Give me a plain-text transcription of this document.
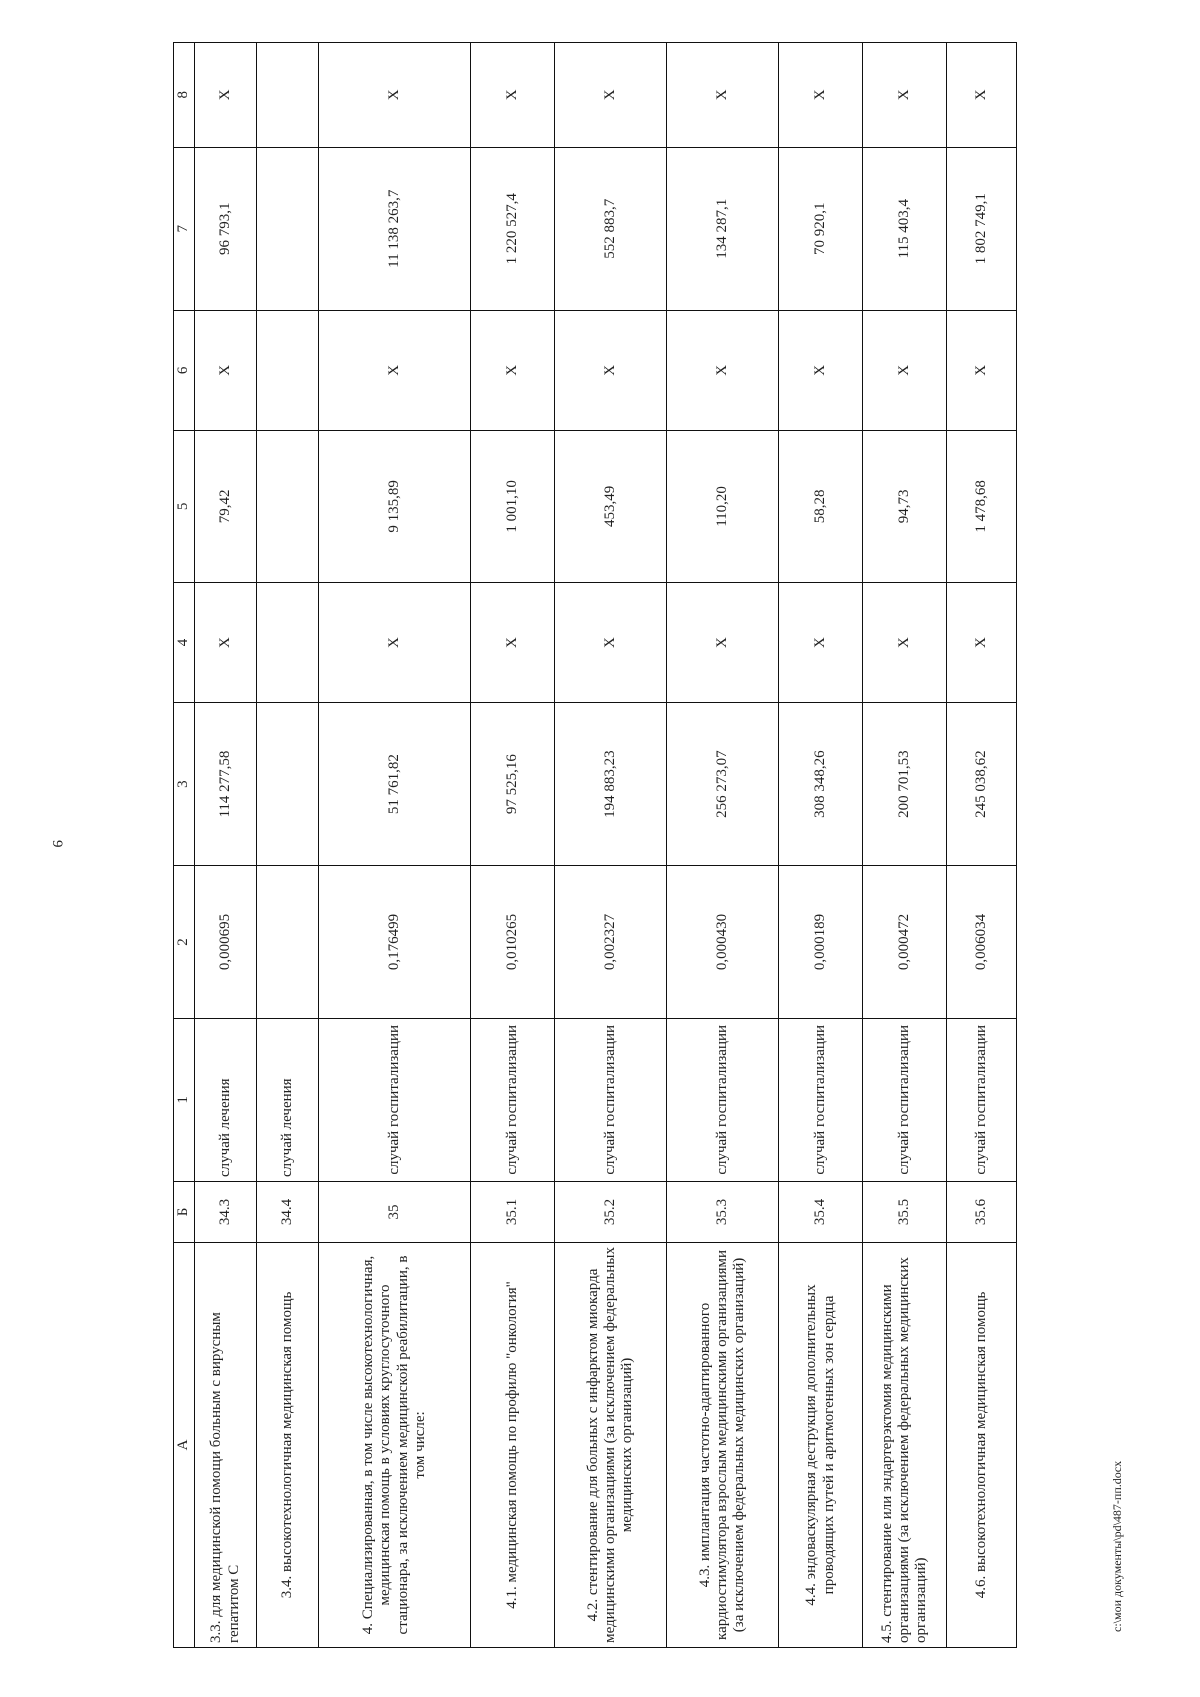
9
А	Б	1	2	3	4	5	6	7	8
3.3. для медицинской помощи больным с вирусным гепатитом С	34.3	случай лечения	0,000695	114 277,58	X	79,42	X	96 793,1	X
3.4. высокотехнологичная медицинская помощь	34.4	случай лечения							
4. Специализированная, в том числе высокотехнологичная, медицинская помощь в условиях круглосуточного стационара, за исключением медицинской реабилитации, в том числе:	35	случай госпитализации	0,176499	51 761,82	X	9 135,89	X	11 138 263,7	X
4.1. медицинская помощь по профилю "онкология"	35.1	случай госпитализации	0,010265	97 525,16	X	1 001,10	X	1 220 527,4	X
4.2. стентирование для больных с инфарктом миокарда медицинскими организациями (за исключением федеральных медицинских организаций)	35.2	случай госпитализации	0,002327	194 883,23	X	453,49	X	552 883,7	X
4.3. имплантация частотно-адаптированного кардиостимулятора взрослым медицинскими организациями (за исключением федеральных медицинских организаций)	35.3	случай госпитализации	0,000430	256 273,07	X	110,20	X	134 287,1	X
4.4. эндоваскулярная деструкция дополнительных проводящих путей и аритмогенных зон сердца	35.4	случай госпитализации	0,000189	308 348,26	X	58,28	X	70 920,1	X
4.5. стентирование или эндартерэктомия медицинскими организациями (за исключением федеральных медицинских организаций)	35.5	случай госпитализации	0,000472	200 701,53	X	94,73	X	115 403,4	X
4.6. высокотехнологичная медицинская помощь	35.6	случай госпитализации	0,006034	245 038,62	X	1 478,68	X	1 802 749,1	X
c:\мои документы\pd\487-пп.docx
